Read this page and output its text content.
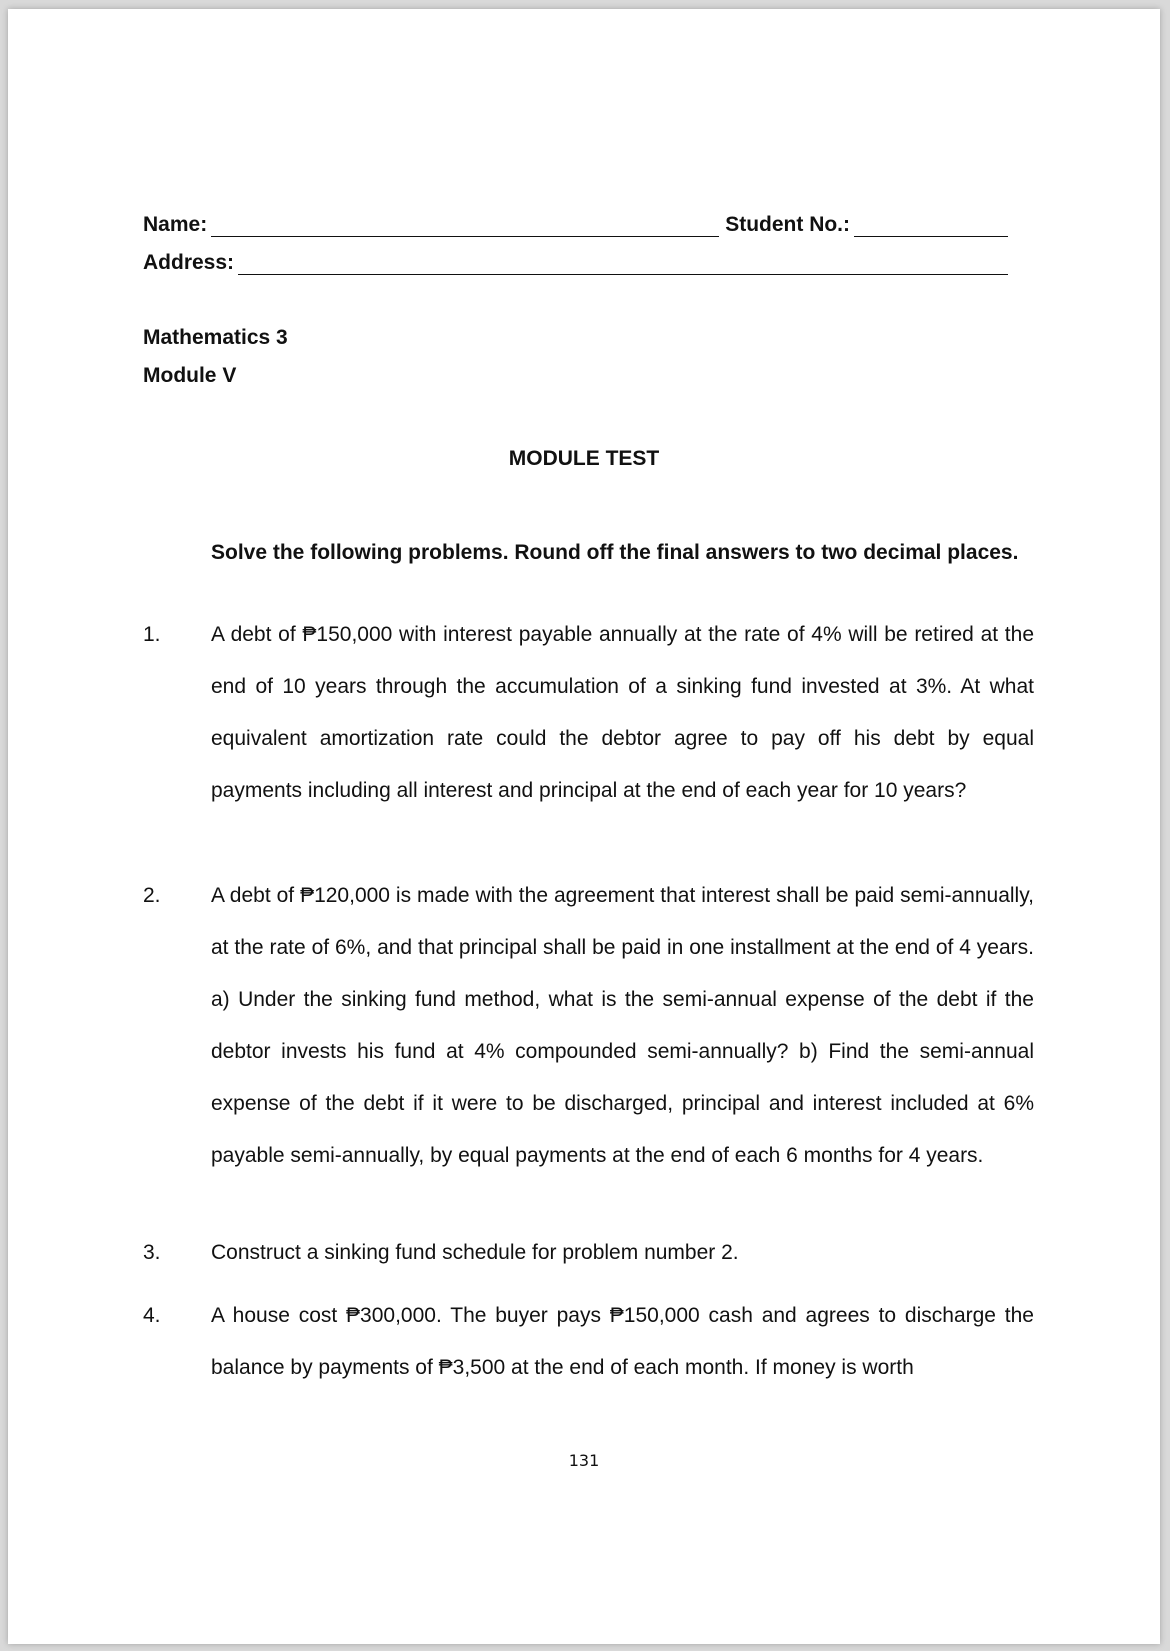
Name:	Student No.:
Address:
Mathematics 3
Module V
MODULE TEST
Solve the following problems. Round off the final answers to two decimal places.
1. A debt of ₱150,000 with interest payable annually at the rate of 4% will be retired at the end of 10 years through the accumulation of a sinking fund invested at 3%. At what equivalent amortization rate could the debtor agree to pay off his debt by equal payments including all interest and principal at the end of each year for 10 years?
2. A debt of ₱120,000 is made with the agreement that interest shall be paid semi-annually, at the rate of 6%, and that principal shall be paid in one installment at the end of 4 years. a) Under the sinking fund method, what is the semi-annual expense of the debt if the debtor invests his fund at 4% compounded semi-annually? b) Find the semi-annual expense of the debt if it were to be discharged, principal and interest included at 6% payable semi-annually, by equal payments at the end of each 6 months for 4 years.
3. Construct a sinking fund schedule for problem number 2.
4. A house cost ₱300,000. The buyer pays ₱150,000 cash and agrees to discharge the balance by payments of ₱3,500 at the end of each month. If money is worth
131
